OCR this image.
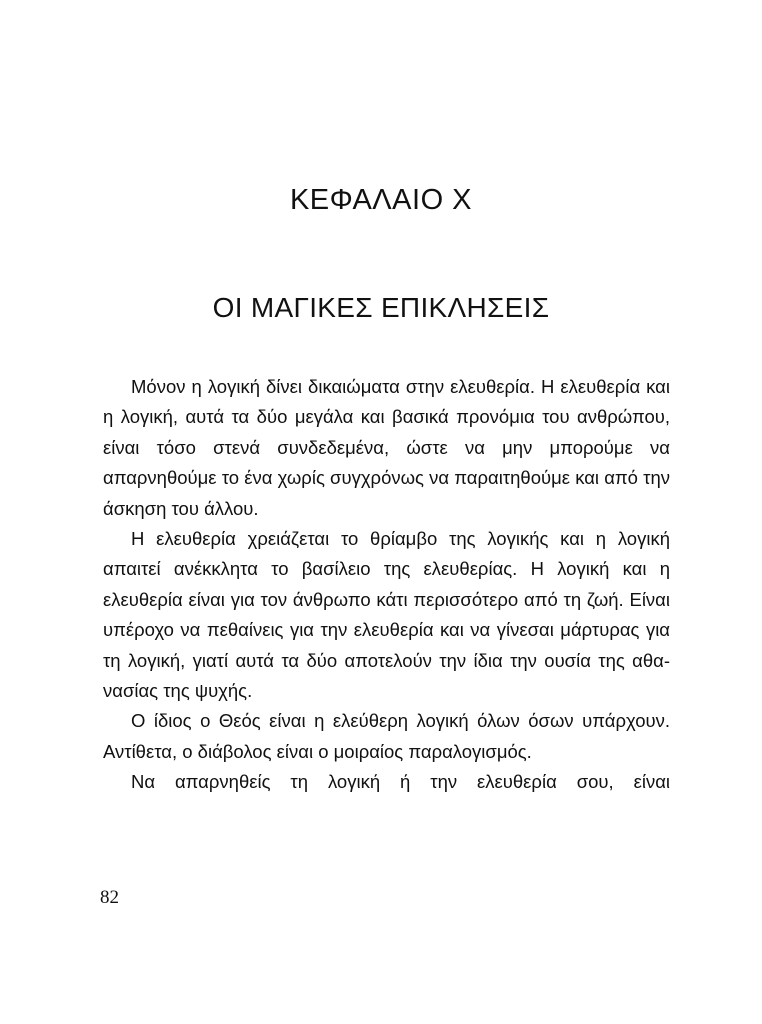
ΚΕΦΑΛΑΙΟ X
ΟΙ ΜΑΓΙΚΕΣ ΕΠΙΚΛΗΣΕΙΣ

Μόνον η λογική δίνει δικαιώματα στην ελευθερία. Η ελευθερία και η λογική, αυτά τα δύο μεγάλα και βασικά προνόμια του ανθρώπου, είναι τόσο στενά συνδεδεμένα, ώστε να μην μπορούμε να απαρνηθούμε το ένα χωρίς συγχρόνως να παραιτηθούμε και από την άσκηση του άλλου.

Η ελευθερία χρειάζεται το θρίαμβο της λογικής και η λογική απαιτεί ανέκκλητα το βασίλειο της ελευθερίας. Η λογική και η ελευθερία είναι για τον άνθρωπο κάτι περισσότερο από τη ζωή. Είναι υπέροχο να πεθαίνεις για την ελευθερία και να γίνεσαι μάρτυρας για τη λογική, γιατί αυτά τα δύο αποτελούν την ίδια την ουσία της αθανασίας της ψυχής.

Ο ίδιος ο Θεός είναι η ελεύθερη λογική όλων όσων υπάρχουν. Αντίθετα, ο διάβολος είναι ο μοιραίος παραλογισμός.

Να απαρνηθείς τη λογική ή την ελευθερία σου, είναι

82
